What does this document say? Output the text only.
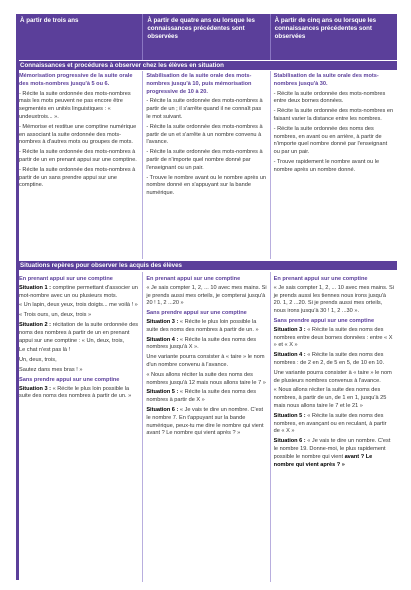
À partir de trois ans	À partir de quatre ans ou lorsque les connaissances précédentes sont observées
À partir de cinq ans ou lorsque les connaissances précédentes sont observées
Connaissances et procédures à observer chez les élèves en situation
Mémorisation progressive de la suite orale des mots-nombres jusqu'à 5 ou 6.
- Récite la suite ordonnée des mots-nombres mais les mots peuvent ne pas encore être segmentés en unités linguistiques : « undeuxtrois... ».
- Mémorise et restitue une comptine numérique en associant la suite ordonnée des mots-nombres à d'autres mots ou groupes de mots.
- Récite la suite ordonnée des mots-nombres à partir de un en prenant appui sur une comptine.
- Récite la suite ordonnée des mots-nombres à partir de un sans prendre appui sur une comptine.
Stabilisation de la suite orale des mots-nombres jusqu'à 10, puis mémorisation progressive de 10 à 20.
- Récite la suite ordonnée des mots-nombres à partir de un ; il s'arrête quand il ne connaît pas le mot suivant.
- Récite la suite ordonnée des mots-nombres à partir de un et s'arrête à un nombre convenu à l'avance.
- Récite la suite ordonnée des mots-nombres à partir de n'importe quel nombre donné par l'enseignant ou un pair.
- Trouve le nombre avant ou le nombre après un nombre donné en s'appuyant sur la bande numérique.
Stabilisation de la suite orale des mots-nombres jusqu'à 30.
- Récite la suite ordonnée des mots-nombres entre deux bornes données.
- Récite la suite ordonnée des mots-nombres en faisant varier la distance entre les nombres.
- Récite la suite ordonnée des noms des nombres, en avant ou en arrière, à partir de n'importe quel nombre donné par l'enseignant ou par un pair.
- Trouve rapidement le nombre avant ou le nombre après un nombre donné.
Situations repères pour observer les acquis des élèves
En prenant appui sur une comptine
Situation 1 : comptine permettant d'associer un mot-nombre avec un ou plusieurs mots.
« Un lapin, deux yeux, trois doigts... me voilà ! »
« Trois ours, un, deux, trois »
Situation 2 : récitation de la suite ordonnée des noms des nombres à partir de un en prenant appui sur une comptine : « Un, deux, trois,
Le chat n'est pas là !
Un, deux, trois,
Sautez dans mes bras ! »
Sans prendre appui sur une comptine
Situation 3 : « Récite le plus loin possible la suite des noms des nombres à partir de un. »
En prenant appui sur une comptine
« Je sais compter 1, 2, ... 10 avec mes mains. Si je prends aussi mes orteils, je compterai jusqu'à 20 ! 1, 2 ...20 »
Sans prendre appui sur une comptine
Situation 3 : « Récite le plus loin possible la suite des noms des nombres à partir de un. »
Situation 4 : « Récite la suite des noms des nombres jusqu'à X ».
Une variante pourra consister à « taire » le nom d'un nombre convenu à l'avance.
« Nous allons réciter la suite des noms des nombres jusqu'à 12 mais nous allons taire le 7 »
Situation 5 : « Récite la suite des noms des nombres à partir de X »
Situation 6 : « Je vais te dire un nombre. C'est le nombre 7. En t'appuyant sur la bande numérique, peux-tu me dire le nombre qui vient avant ? Le nombre qui vient après ? »
En prenant appui sur une comptine
« Je sais compter 1, 2, ... 10 avec mes mains. Si je prends aussi les tiennes nous irons jusqu'à 20. 1, 2 ...20. Si je prends aussi mes orteils, nous irons jusqu'à 30 ! 1, 2 ...30 ».
Sans prendre appui sur une comptine
Situation 3 : « Récite la suite des noms des nombres entre deux bornes données : entre « X » et « X »
Situation 4 : « Récite la suite des noms des nombres : de 2 en 2, de 5 en 5, de 10 en 10.
Une variante pourra consister à « taire » le nom de plusieurs nombres convenus à l'avance.
« Nous allons réciter la suite des noms des nombres, à partir de un, de 1 en 1, jusqu'à 25 mais nous allons taire le 7 et le 21 »
Situation 5 : « Récite la suite des noms des nombres, en avançant ou en reculant, à partir de « X »
Situation 6 : « Je vais te dire un nombre. C'est le nombre 19. Donne-moi, le plus rapidement possible le nombre qui vient avant ? Le nombre qui vient après ? »
